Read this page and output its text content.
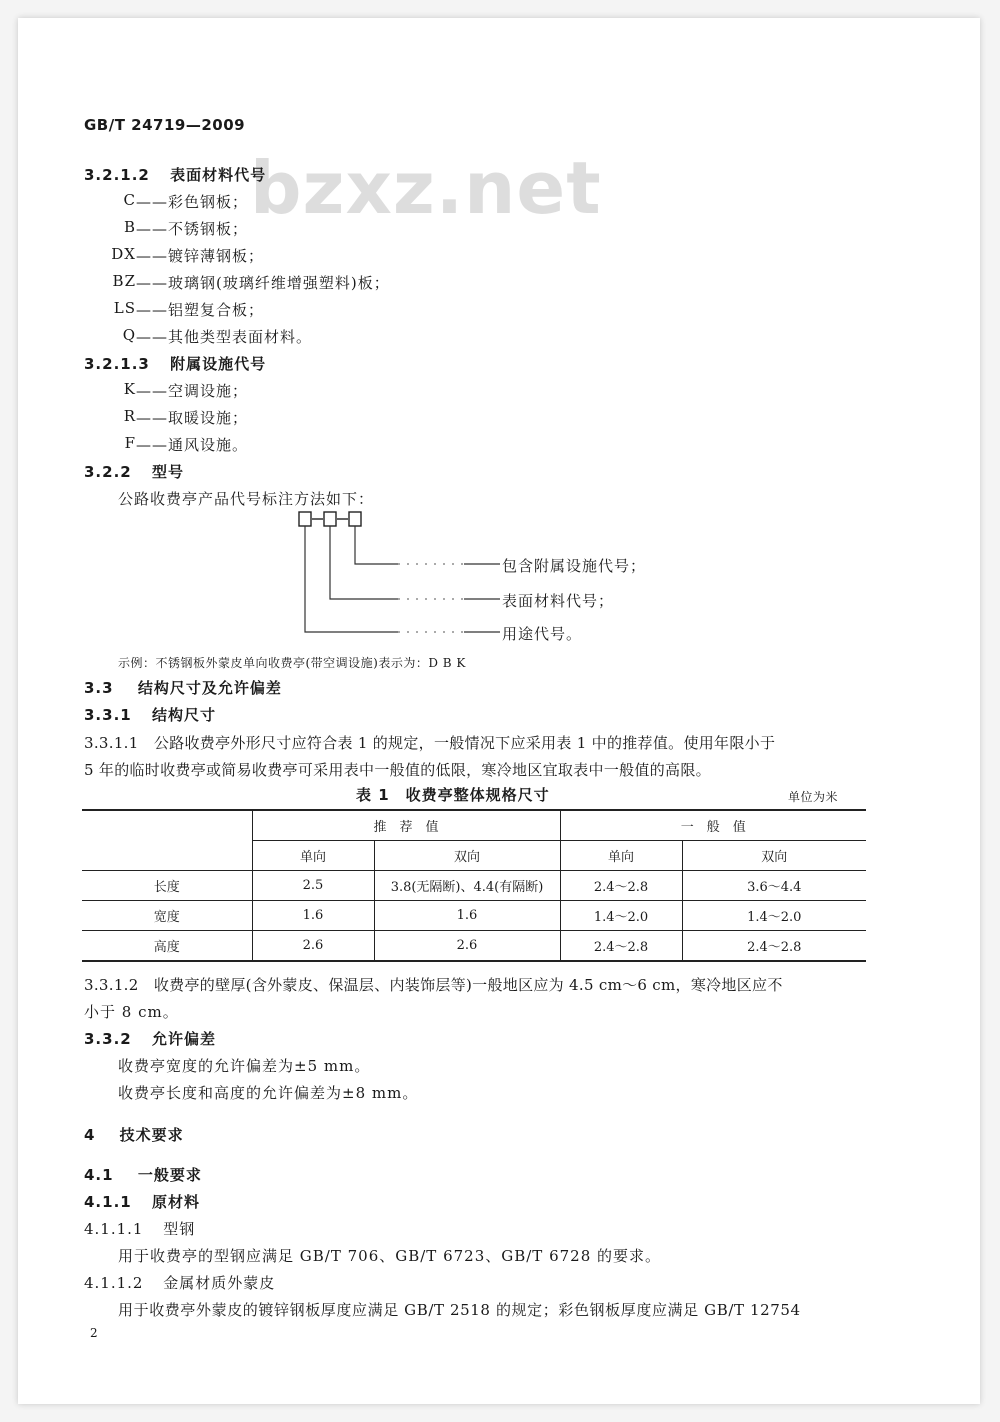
GB/T 24719—2009
bzxz.net
3.2.1.2 表面材料代号
C ——彩色钢板；
B ——不锈钢板；
DX ——镀锌薄钢板；
BZ ——玻璃钢(玻璃纤维增强塑料)板；
LS ——铝塑复合板；
Q ——其他类型表面材料。
3.2.1.3 附属设施代号
K ——空调设施；
R ——取暖设施；
F ——通风设施。
3.2.2 型号
公路收费亭产品代号标注方法如下：
包含附属设施代号；
表面材料代号；
用途代号。
示例：不锈钢板外蒙皮单向收费亭(带空调设施)表示为：D B K
3.3 结构尺寸及允许偏差
3.3.1 结构尺寸
3.3.1.1　公路收费亭外形尺寸应符合表 1 的规定，一般情况下应采用表 1 中的推荐值。使用年限小于
5 年的临时收费亭或简易收费亭可采用表中一般值的低限，寒冷地区宜取表中一般值的高限。
表 1　收费亭整体规格尺寸	单位为米
	推　荐　值		一　般　值	
	单向	双向	单向	双向
长度	2.5	3.8(无隔断)、4.4(有隔断)	2.4～2.8	3.6～4.4
宽度	1.6	1.6	1.4～2.0	1.4～2.0
高度	2.6	2.6	2.4～2.8	2.4～2.8
3.3.1.2　收费亭的壁厚(含外蒙皮、保温层、内装饰层等)一般地区应为 4.5 cm～6 cm，寒冷地区应不
小于 8 cm。
3.3.2 允许偏差
收费亭宽度的允许偏差为±5 mm。
收费亭长度和高度的允许偏差为±8 mm。
4 技术要求
4.1 一般要求
4.1.1 原材料
4.1.1.1 型钢
用于收费亭的型钢应满足 GB/T 706、GB/T 6723、GB/T 6728 的要求。
4.1.1.2 金属材质外蒙皮
用于收费亭外蒙皮的镀锌钢板厚度应满足 GB/T 2518 的规定；彩色钢板厚度应满足 GB/T 12754
2
